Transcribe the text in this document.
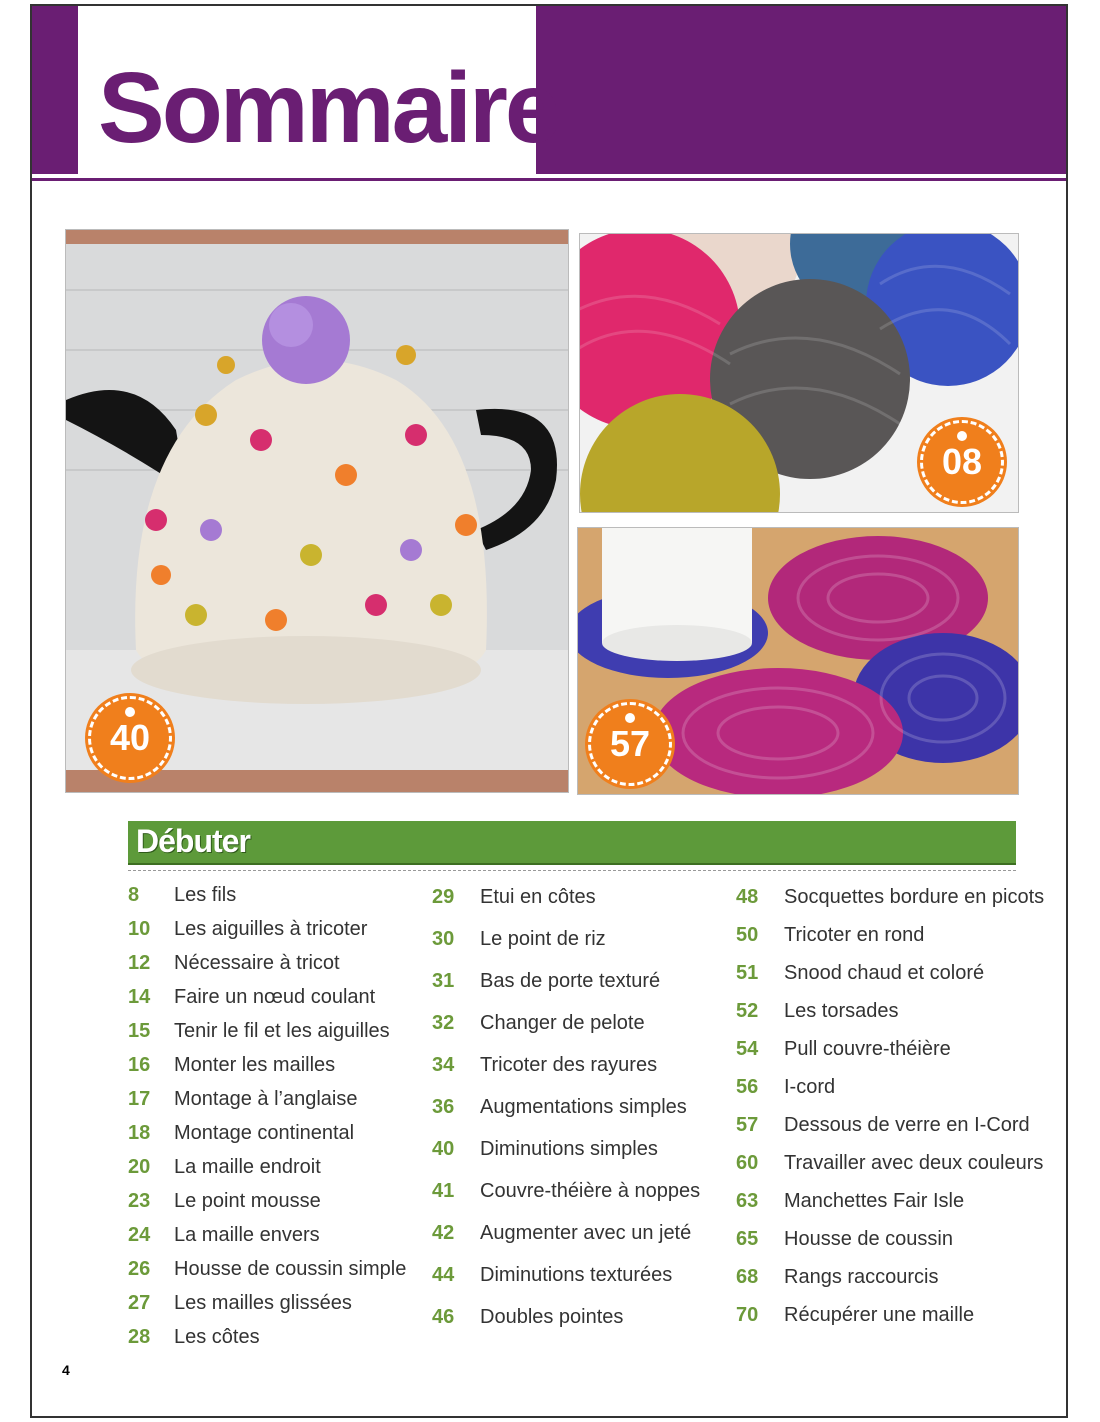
Sommaire
40
08
57
Débuter
8	Les fils
10	Les aiguilles à tricoter
12	Nécessaire à tricot
14	Faire un nœud coulant
15	Tenir le fil et les aiguilles
16	Monter les mailles
17	Montage à l’anglaise
18	Montage continental
20	La maille endroit
23	Le point mousse
24	La maille envers
26	Housse de coussin simple
27	Les mailles glissées
28	Les côtes
29	Etui en côtes
30	Le point de riz
31	Bas de porte texturé
32	Changer de pelote
34	Tricoter des rayures
36	Augmentations simples
40	Diminutions simples
41	Couvre-théière à noppes
42	Augmenter avec un jeté
44	Diminutions texturées
46	Doubles pointes
48	Socquettes bordure en picots
50	Tricoter en rond
51	Snood chaud et coloré
52	Les torsades
54	Pull couvre-théière
56	I-cord
57	Dessous de verre en I-Cord
60	Travailler avec deux couleurs
63	Manchettes Fair Isle
65	Housse de coussin
68	Rangs raccourcis
70	Récupérer une maille
4
